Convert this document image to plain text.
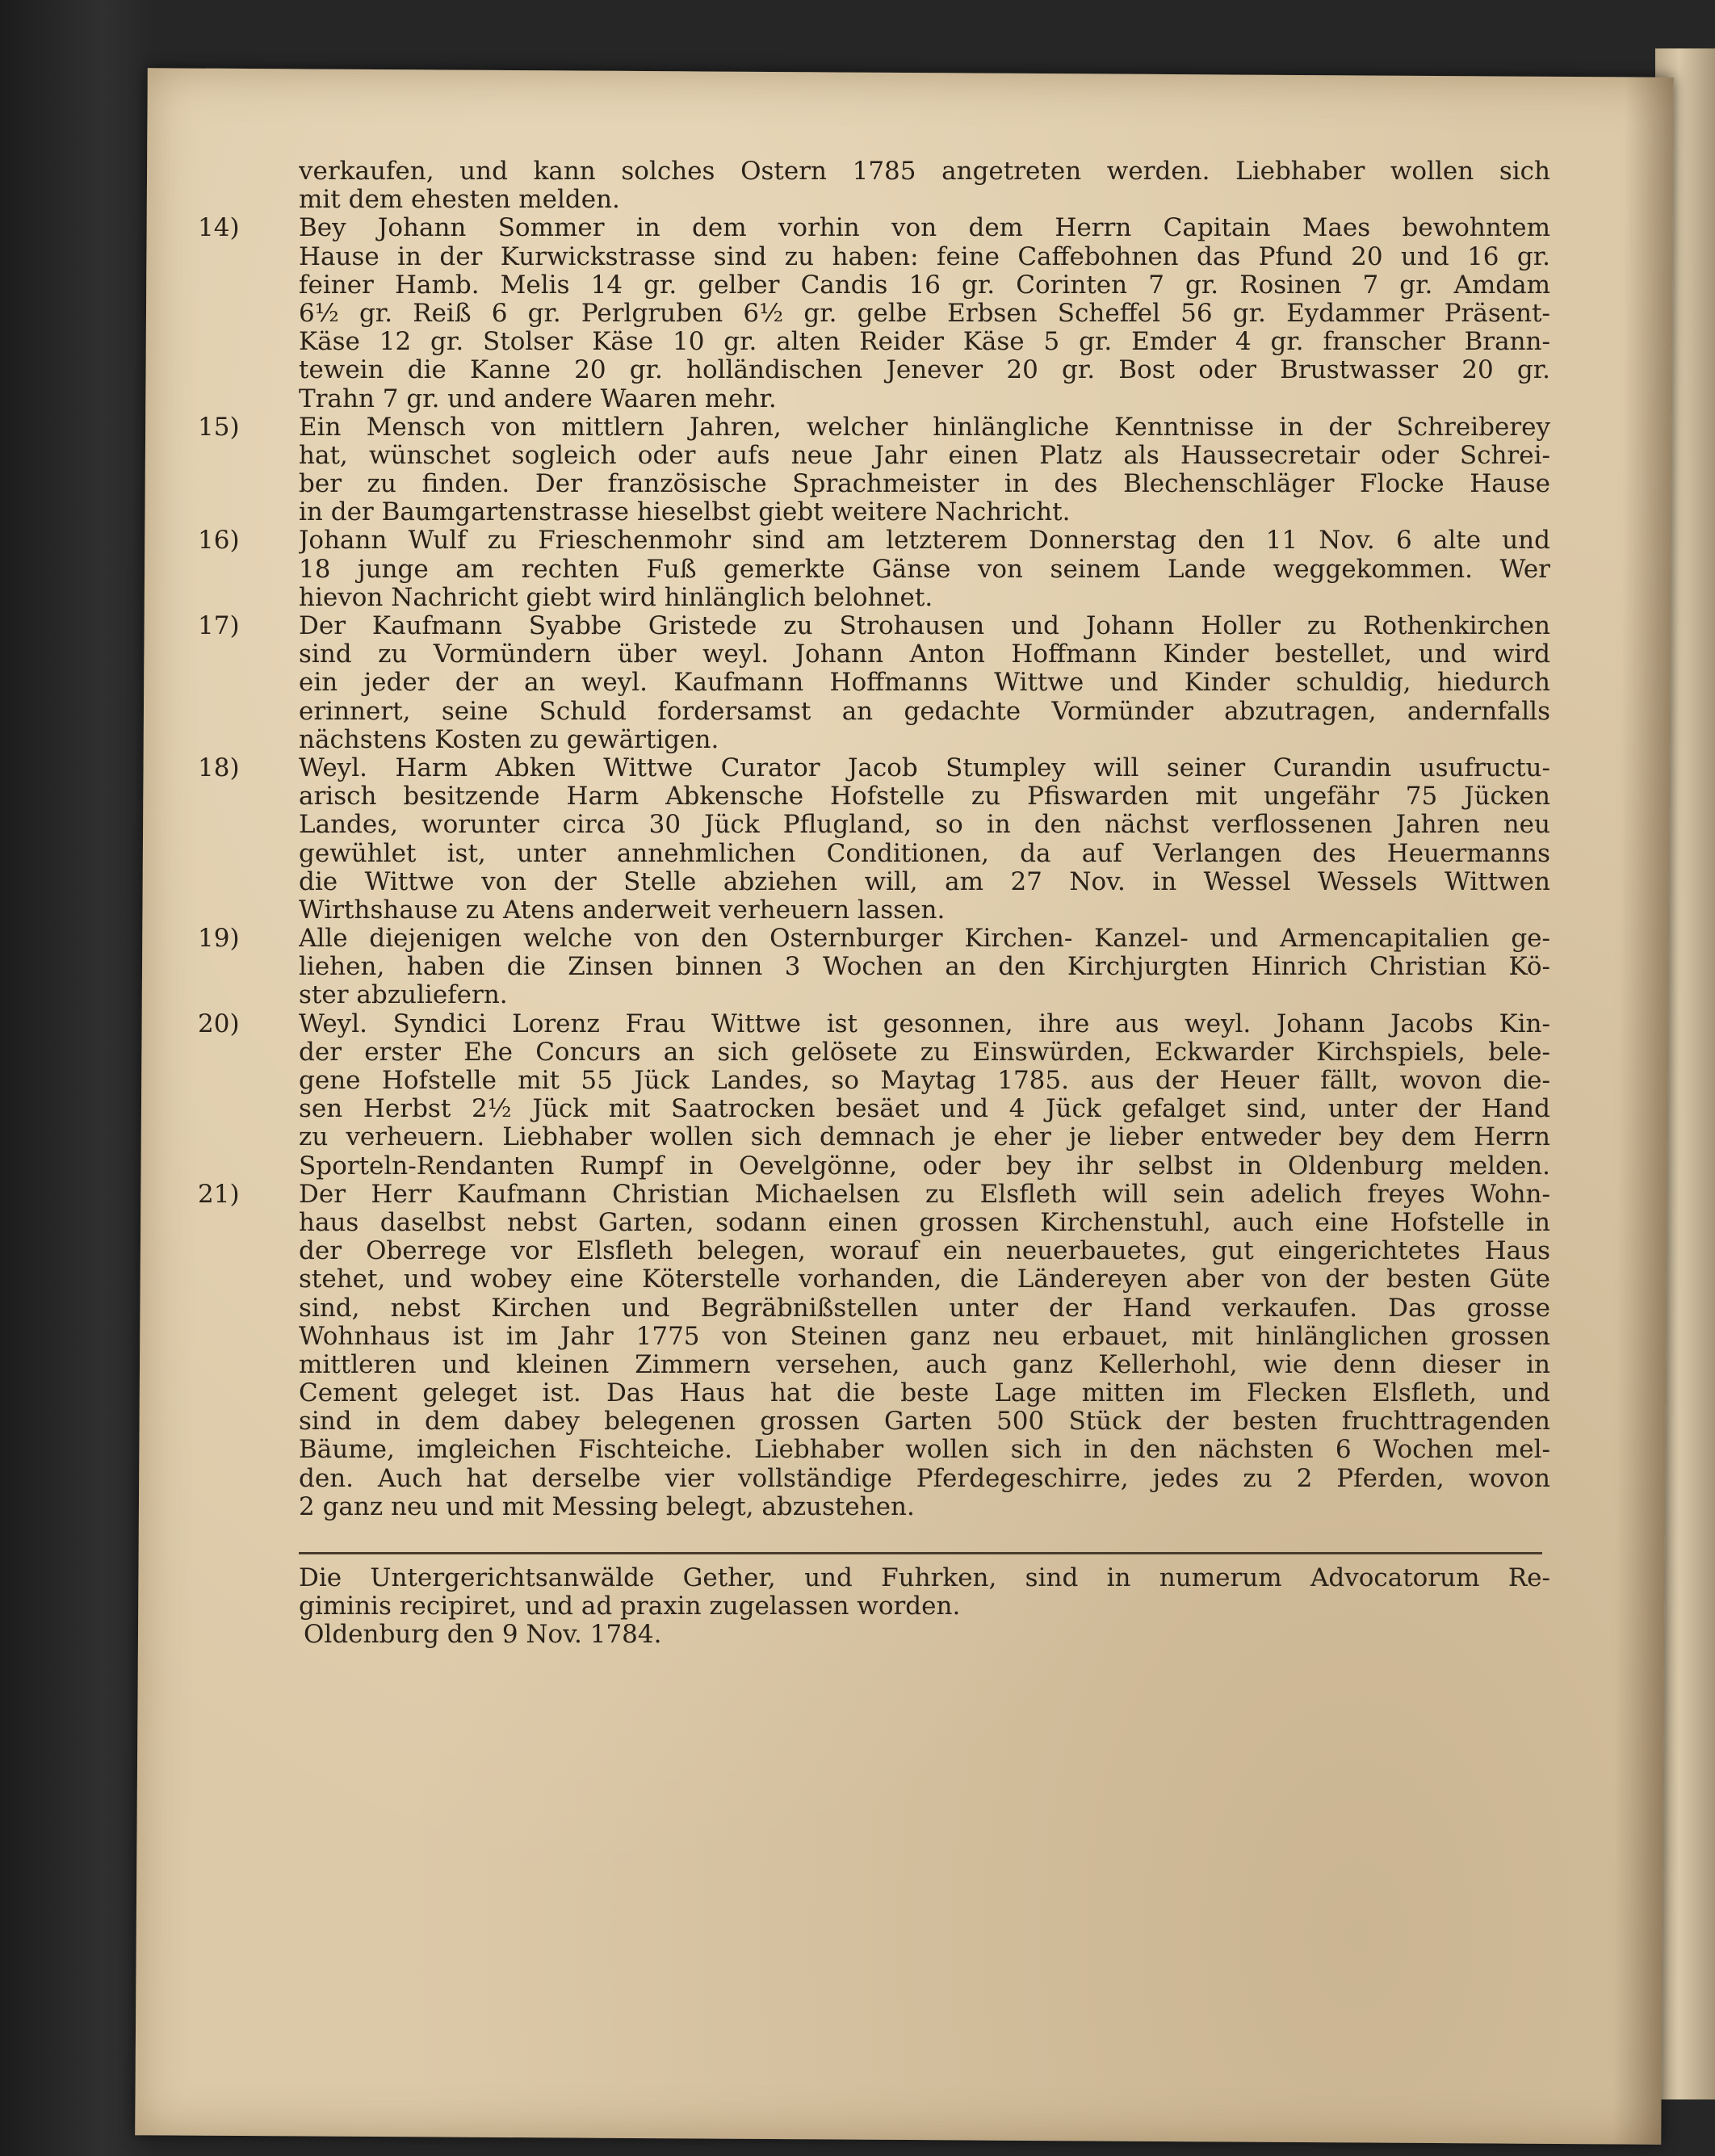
verkaufen, und kann solches Ostern 1785 angetreten werden. Liebhaber wollen sich
mit dem ehesten melden.
14)	Bey Johann Sommer in dem vorhin von dem Herrn Capitain Maes bewohntem
Hause in der Kurwickstrasse sind zu haben: feine Caffebohnen das Pfund 20 und 16 gr.
feiner Hamb. Melis 14 gr. gelber Candis 16 gr. Corinten 7 gr. Rosinen 7 gr. Amdam
6½ gr. Reiß 6 gr. Perlgruben 6½ gr. gelbe Erbsen Scheffel 56 gr. Eydammer Präsent-
Käse 12 gr. Stolser Käse 10 gr. alten Reider Käse 5 gr. Emder 4 gr. franscher Brann-
tewein die Kanne 20 gr. holländischen Jenever 20 gr. Bost oder Brustwasser 20 gr.
Trahn 7 gr. und andere Waaren mehr.
15)	Ein Mensch von mittlern Jahren, welcher hinlängliche Kenntnisse in der Schreiberey
hat, wünschet sogleich oder aufs neue Jahr einen Platz als Haussecretair oder Schrei-
ber zu finden. Der französische Sprachmeister in des Blechenschläger Flocke Hause
in der Baumgartenstrasse hieselbst giebt weitere Nachricht.
16)	Johann Wulf zu Frieschenmohr sind am letzterem Donnerstag den 11 Nov. 6 alte und
18 junge am rechten Fuß gemerkte Gänse von seinem Lande weggekommen. Wer
hievon Nachricht giebt wird hinlänglich belohnet.
17)	Der Kaufmann Syabbe Gristede zu Strohausen und Johann Holler zu Rothenkirchen
sind zu Vormündern über weyl. Johann Anton Hoffmann Kinder bestellet, und wird
ein jeder der an weyl. Kaufmann Hoffmanns Wittwe und Kinder schuldig, hiedurch
erinnert, seine Schuld fordersamst an gedachte Vormünder abzutragen, andernfalls
nächstens Kosten zu gewärtigen.
18)	Weyl. Harm Abken Wittwe Curator Jacob Stumpley will seiner Curandin usufructu-
arisch besitzende Harm Abkensche Hofstelle zu Pfiswarden mit ungefähr 75 Jücken
Landes, worunter circa 30 Jück Pflugland, so in den nächst verflossenen Jahren neu
gewühlet ist, unter annehmlichen Conditionen, da auf Verlangen des Heuermanns
die Wittwe von der Stelle abziehen will, am 27 Nov. in Wessel Wessels Wittwen
Wirthshause zu Atens anderweit verheuern lassen.
19)	Alle diejenigen welche von den Osternburger Kirchen- Kanzel- und Armencapitalien ge-
liehen, haben die Zinsen binnen 3 Wochen an den Kirchjurgten Hinrich Christian Kö-
ster abzuliefern.
20)	Weyl. Syndici Lorenz Frau Wittwe ist gesonnen, ihre aus weyl. Johann Jacobs Kin-
der erster Ehe Concurs an sich gelösete zu Einswürden, Eckwarder Kirchspiels, bele-
gene Hofstelle mit 55 Jück Landes, so Maytag 1785. aus der Heuer fällt, wovon die-
sen Herbst 2½ Jück mit Saatrocken besäet und 4 Jück gefalget sind, unter der Hand
zu verheuern. Liebhaber wollen sich demnach je eher je lieber entweder bey dem Herrn
Sporteln-Rendanten Rumpf in Oevelgönne, oder bey ihr selbst in Oldenburg melden.
21)	Der Herr Kaufmann Christian Michaelsen zu Elsfleth will sein adelich freyes Wohn-
haus daselbst nebst Garten, sodann einen grossen Kirchenstuhl, auch eine Hofstelle in
der Oberrege vor Elsfleth belegen, worauf ein neuerbauetes, gut eingerichtetes Haus
stehet, und wobey eine Köterstelle vorhanden, die Ländereyen aber von der besten Güte
sind, nebst Kirchen und Begräbnißstellen unter der Hand verkaufen. Das grosse
Wohnhaus ist im Jahr 1775 von Steinen ganz neu erbauet, mit hinlänglichen grossen
mittleren und kleinen Zimmern versehen, auch ganz Kellerhohl, wie denn dieser in
Cement geleget ist. Das Haus hat die beste Lage mitten im Flecken Elsfleth, und
sind in dem dabey belegenen grossen Garten 500 Stück der besten fruchttragenden
Bäume, imgleichen Fischteiche. Liebhaber wollen sich in den nächsten 6 Wochen mel-
den. Auch hat derselbe vier vollständige Pferdegeschirre, jedes zu 2 Pferden, wovon
2 ganz neu und mit Messing belegt, abzustehen.
Die Untergerichtsanwälde Gether, und Fuhrken, sind in numerum Advocatorum Re-
giminis recipiret, und ad praxin zugelassen worden.
Oldenburg den 9 Nov. 1784.
